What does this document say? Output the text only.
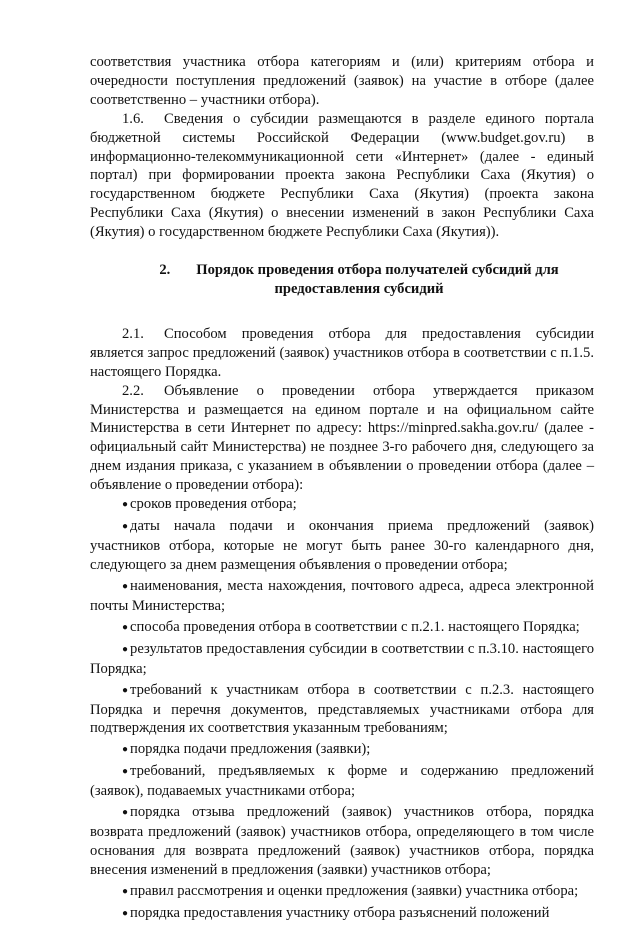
соответствия участника отбора категориям и (или) критериям отбора и очередности поступления предложений (заявок) на участие в отборе (далее соответственно – участники отбора).

1.6. Сведения о субсидии размещаются в разделе единого портала бюджетной системы Российской Федерации (www.budget.gov.ru) в информационно-телекоммуникационной сети «Интернет» (далее - единый портал) при формировании проекта закона Республики Саха (Якутия) о государственном бюджете Республики Саха (Якутия) (проекта закона Республики Саха (Якутия) о внесении изменений в закон Республики Саха (Якутия) о государственном бюджете Республики Саха (Якутия)).

2. Порядок проведения отбора получателей субсидий для предоставления субсидий

2.1. Способом проведения отбора для предоставления субсидии является запрос предложений (заявок) участников отбора в соответствии с п.1.5. настоящего Порядка.

2.2. Объявление о проведении отбора утверждается приказом Министерства и размещается на едином портале и на официальном сайте Министерства в сети Интернет по адресу: https://minpred.sakha.gov.ru/ (далее - официальный сайт Министерства) не позднее 3-го рабочего дня, следующего за днем издания приказа, с указанием в объявлении о проведении отбора (далее – объявление о проведении отбора):

● сроков проведения отбора;

● даты начала подачи и окончания приема предложений (заявок) участников отбора, которые не могут быть ранее 30-го календарного дня, следующего за днем размещения объявления о проведении отбора;

● наименования, места нахождения, почтового адреса, адреса электронной почты Министерства;

● способа проведения отбора в соответствии с п.2.1. настоящего Порядка;

● результатов предоставления субсидии в соответствии с п.3.10. настоящего Порядка;

● требований к участникам отбора в соответствии с п.2.3. настоящего Порядка и перечня документов, представляемых участниками отбора для подтверждения их соответствия указанным требованиям;

● порядка подачи предложения (заявки);

● требований, предъявляемых к форме и содержанию предложений (заявок), подаваемых участниками отбора;

● порядка отзыва предложений (заявок) участников отбора, порядка возврата предложений (заявок) участников отбора, определяющего в том числе основания для возврата предложений (заявок) участников отбора, порядка внесения изменений в предложения (заявки) участников отбора;

● правил рассмотрения и оценки предложения (заявки) участника отбора;

● порядка предоставления участнику отбора разъяснений положений
